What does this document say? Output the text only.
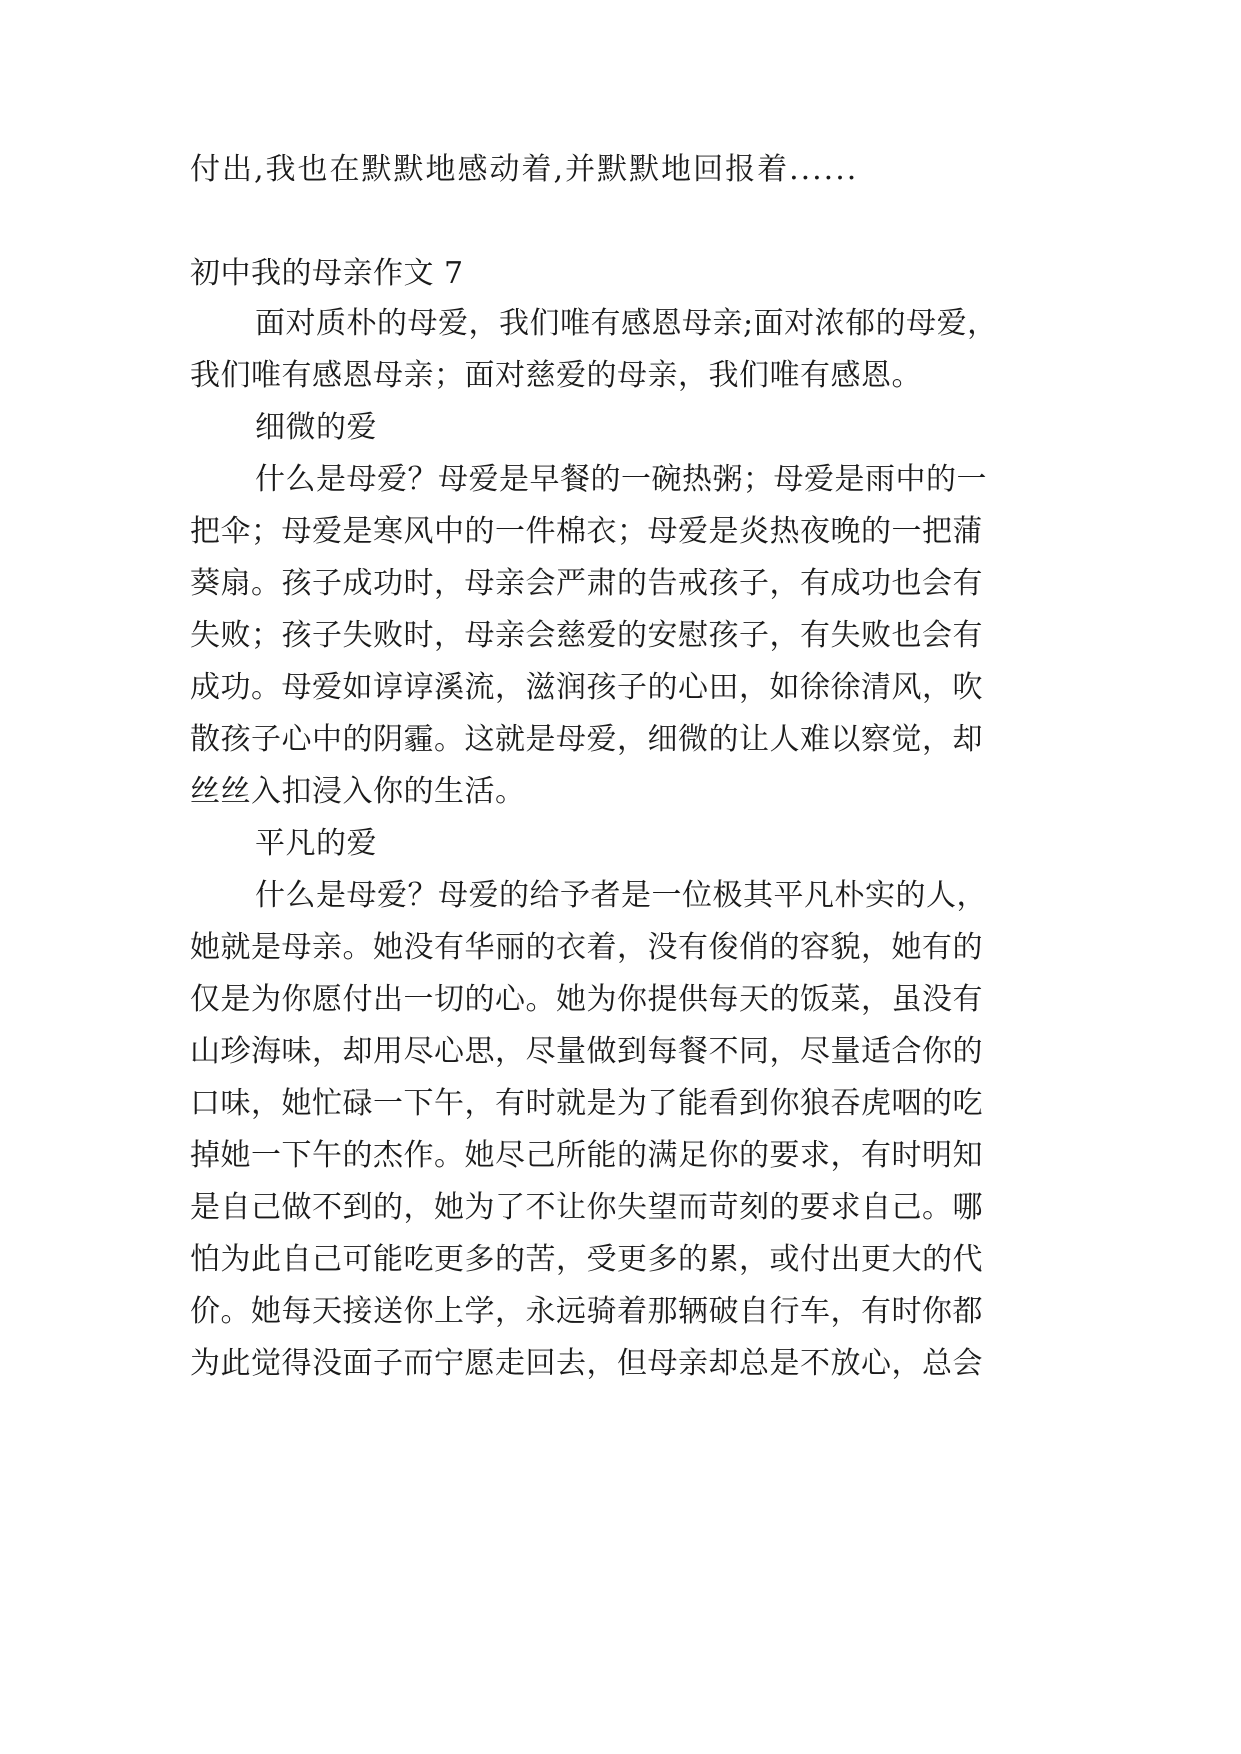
付出,我也在默默地感动着,并默默地回报着......
初中我的母亲作文 7
面对质朴的母爱，我们唯有感恩母亲;面对浓郁的母爱，
我们唯有感恩母亲；面对慈爱的母亲，我们唯有感恩。
细微的爱
什么是母爱？母爱是早餐的一碗热粥；母爱是雨中的一
把伞；母爱是寒风中的一件棉衣；母爱是炎热夜晚的一把蒲
葵扇。孩子成功时，母亲会严肃的告戒孩子，有成功也会有
失败；孩子失败时，母亲会慈爱的安慰孩子，有失败也会有
成功。母爱如谆谆溪流，滋润孩子的心田，如徐徐清风，吹
散孩子心中的阴霾。这就是母爱，细微的让人难以察觉，却
丝丝入扣浸入你的生活。
平凡的爱
什么是母爱？母爱的给予者是一位极其平凡朴实的人，
她就是母亲。她没有华丽的衣着，没有俊俏的容貌，她有的
仅是为你愿付出一切的心。她为你提供每天的饭菜，虽没有
山珍海味，却用尽心思，尽量做到每餐不同，尽量适合你的
口味，她忙碌一下午，有时就是为了能看到你狼吞虎咽的吃
掉她一下午的杰作。她尽己所能的满足你的要求，有时明知
是自己做不到的，她为了不让你失望而苛刻的要求自己。哪
怕为此自己可能吃更多的苦，受更多的累，或付出更大的代
价。她每天接送你上学，永远骑着那辆破自行车，有时你都
为此觉得没面子而宁愿走回去，但母亲却总是不放心，总会
